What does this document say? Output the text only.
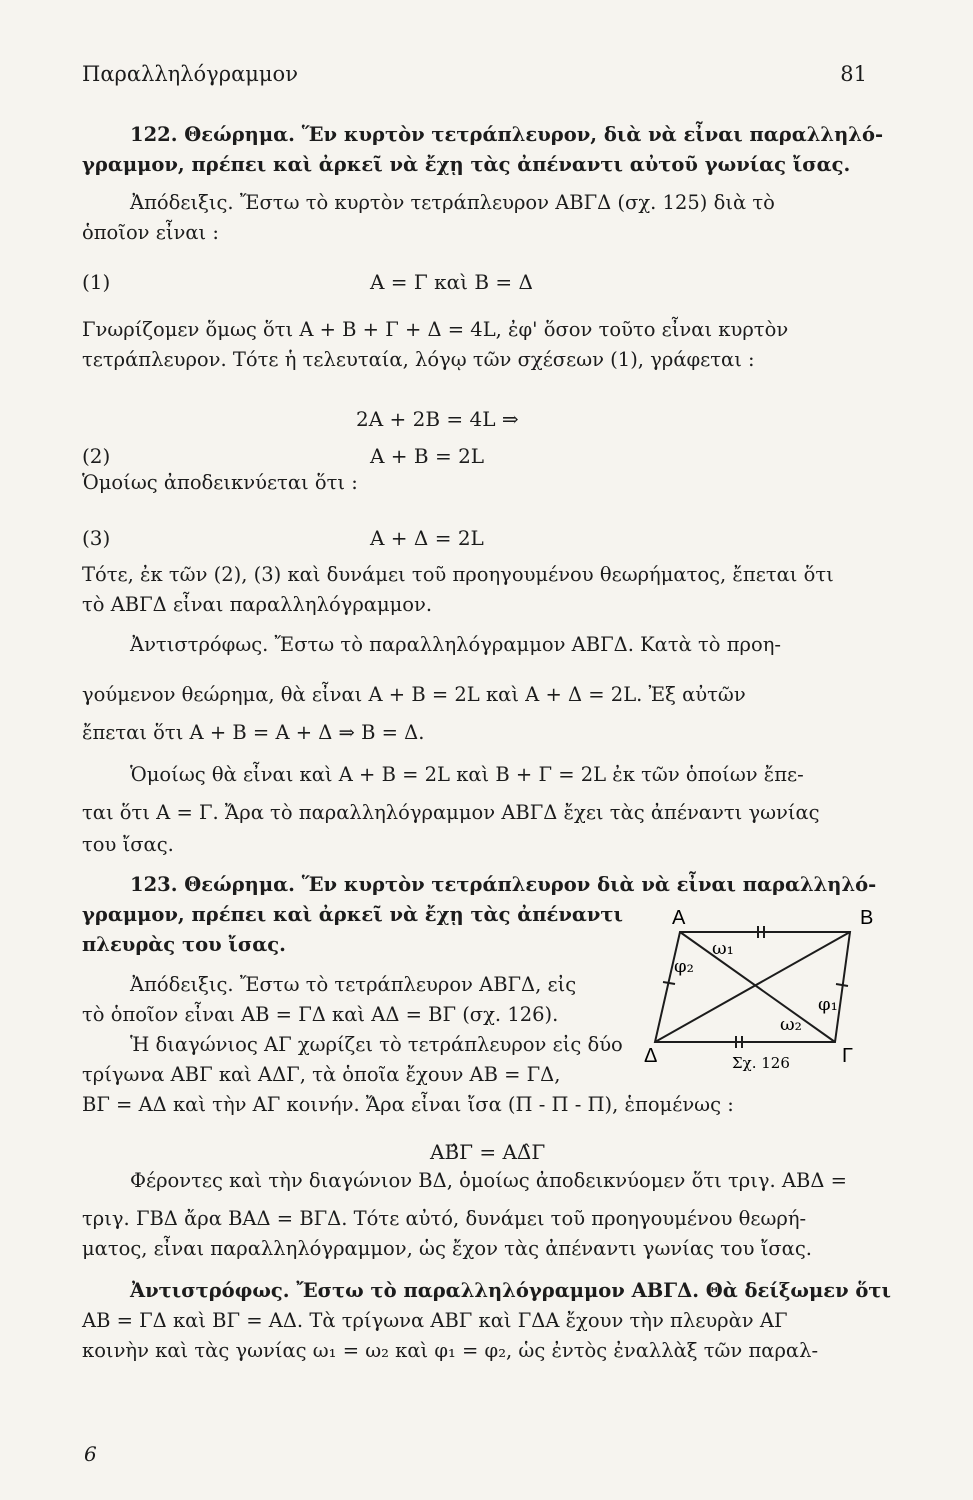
Παραλληλόγραμμον	81
122. Θεώρημα. Ἕν κυρτὸν τετράπλευρον, διὰ νὰ εἶναι παραλληλό-
γραμμον, πρέπει καὶ ἀρκεῖ νὰ ἔχῃ τὰς ἀπέναντι αὐτοῦ γωνίας ἴσας.
Ἀπόδειξις. Ἔστω τὸ κυρτὸν τετράπλευρον ΑΒΓΔ (σχ. 125) διὰ τὸ
ὁποῖον εἶναι :
(1)	Α = Γ καὶ Β = Δ
Γνωρίζομεν ὅμως ὅτι Α + Β + Γ + Δ = 4L, ἐφ' ὅσον τοῦτο εἶναι κυρτὸν
τετράπλευρον. Τότε ἡ τελευταία, λόγῳ τῶν σχέσεων (1), γράφεται :
2Α + 2Β = 4L ⇒
(2)	Α + Β = 2L
Ὁμοίως ἀποδεικνύεται ὅτι :
(3)	Α + Δ = 2L
Τότε, ἐκ τῶν (2), (3) καὶ δυνάμει τοῦ προηγουμένου θεωρήματος, ἔπεται ὅτι
τὸ ΑΒΓΔ εἶναι παραλληλόγραμμον.
Ἀντιστρόφως. Ἔστω τὸ παραλληλόγραμμον ΑΒΓΔ. Κατὰ τὸ προη-
γούμενον θεώρημα, θὰ εἶναι Α + Β = 2L καὶ Α + Δ = 2L. Ἐξ αὐτῶν
ἔπεται ὅτι Α + Β = Α + Δ ⇒ Β = Δ.
Ὁμοίως θὰ εἶναι καὶ Α + Β = 2L καὶ Β + Γ = 2L ἐκ τῶν ὁποίων ἔπε-
ται ὅτι Α = Γ. Ἄρα τὸ παραλληλόγραμμον ΑΒΓΔ ἔχει τὰς ἀπέναντι γωνίας
του ἴσας.
123. Θεώρημα. Ἕν κυρτὸν τετράπλευρον διὰ νὰ εἶναι παραλληλό-
γραμμον, πρέπει καὶ ἀρκεῖ νὰ ἔχῃ τὰς ἀπέναντι
πλευρὰς του ἴσας.
Ἀπόδειξις. Ἔστω τὸ τετράπλευρον ΑΒΓΔ, εἰς
τὸ ὁποῖον εἶναι ΑΒ = ΓΔ καὶ ΑΔ = ΒΓ (σχ. 126).
Ἡ διαγώνιος ΑΓ χωρίζει τὸ τετράπλευρον εἰς δύο
τρίγωνα ΑΒΓ καὶ ΑΔΓ, τὰ ὁποῖα ἔχουν ΑΒ = ΓΔ,
ΒΓ = ΑΔ καὶ τὴν ΑΓ κοινήν. Ἄρα εἶναι ἴσα (Π - Π - Π), ἑπομένως :
ΑΒ̂Γ = ΑΔ̂Γ
Φέροντες καὶ τὴν διαγώνιον ΒΔ, ὁμοίως ἀποδεικνύομεν ὅτι τριγ. ΑΒΔ =
τριγ. ΓΒΔ ἄρα ΒΑΔ = ΒΓΔ. Τότε αὐτό, δυνάμει τοῦ προηγουμένου θεωρή-
ματος, εἶναι παραλληλόγραμμον, ὡς ἔχον τὰς ἀπέναντι γωνίας του ἴσας.
Ἀντιστρόφως. Ἔστω τὸ παραλληλόγραμμον ΑΒΓΔ. Θὰ δείξωμεν ὅτι
ΑΒ = ΓΔ καὶ ΒΓ = ΑΔ. Τὰ τρίγωνα ΑΒΓ καὶ ΓΔΑ ἔχουν τὴν πλευρὰν ΑΓ
κοινὴν καὶ τὰς γωνίας ω₁ = ω₂ καὶ φ₁ = φ₂, ὡς ἐντὸς ἐναλλὰξ τῶν παραλ-
Α	Β
Γ
Δ
ω₁
φ₂
φ₁
ω₂
Σχ. 126
6
